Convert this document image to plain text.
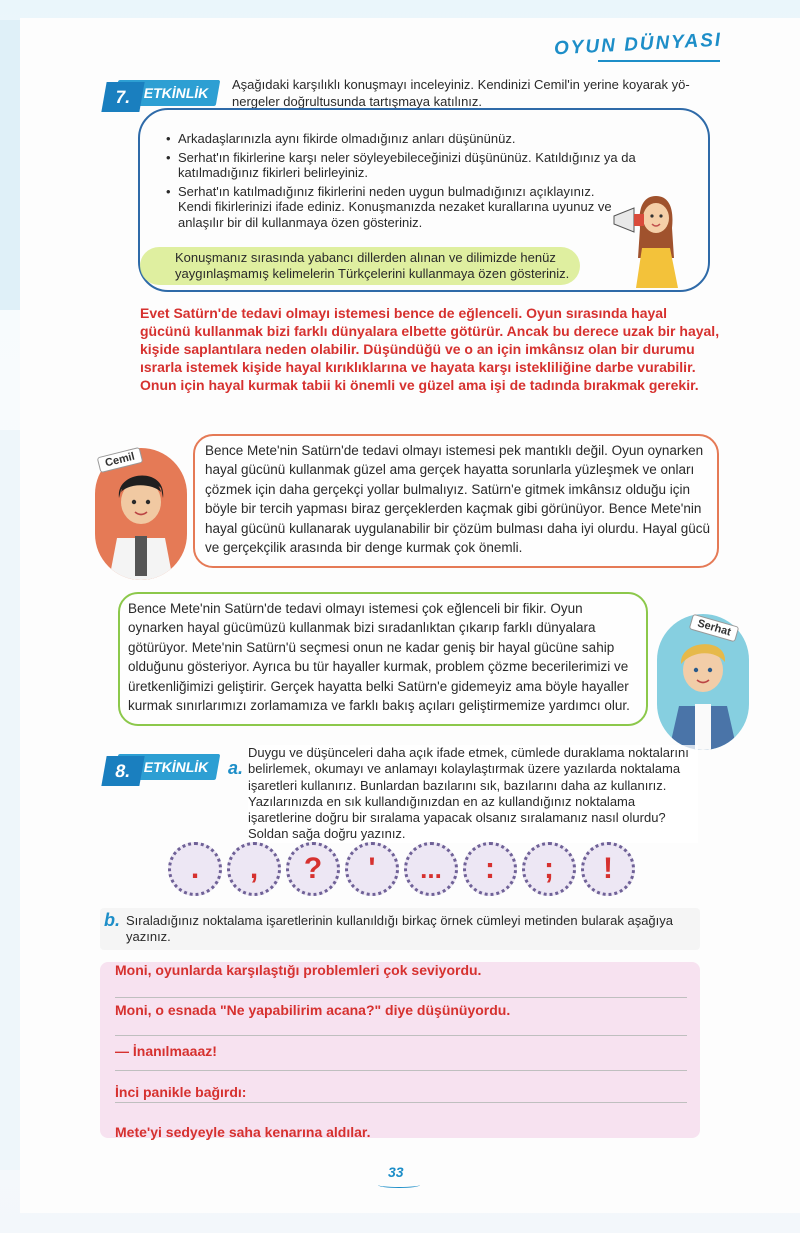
OYUN DÜNYASI
ETKİNLİK
7.
Aşağıdaki karşılıklı konuşmayı inceleyiniz. Kendinizi Cemil'in yerine koyarak yö-
nergeler doğrultusunda tartışmaya katılınız.
• Arkadaşlarınızla aynı fikirde olmadığınız anları düşününüz.
• Serhat'ın fikirlerine karşı neler söyleyebileceğinizi düşününüz. Katıldığınız ya da katılmadığınız fikirleri belirleyiniz.
• Serhat'ın katılmadığınız fikirlerini neden uygun bulmadığınızı açıklayınız. Kendi fikirlerinizi ifade ediniz. Konuşmanızda nezaket kurallarına uyunuz ve anlaşılır bir dil kullanmaya özen gösteriniz.
Konuşmanız sırasında yabancı dillerden alınan ve dilimizde henüz yaygınlaşmamış kelimelerin Türkçelerini kullanmaya özen gösteriniz.
Evet Satürn'de tedavi olmayı istemesi bence de eğlenceli. Oyun sırasında hayal gücünü kullanmak bizi farklı dünyalara elbette götürür. Ancak bu derece uzak bir hayal, kişide saplantılara neden olabilir. Düşündüğü ve o an için imkânsız olan bir durumu ısrarla istemek kişide hayal kırıklıklarına ve hayata karşı istekliliğine darbe vurabilir. Onun için hayal kurmak tabii ki önemli ve güzel ama işi de tadında bırakmak gerekir.
Cemil
Bence Mete'nin Satürn'de tedavi olmayı istemesi pek mantıklı değil. Oyun oynarken hayal gücünü kullanmak güzel ama gerçek hayatta sorunlarla yüzleşmek ve onları çözmek için daha gerçekçi yollar bulmalıyız. Satürn'e gitmek imkânsız olduğu için böyle bir tercih yapması biraz gerçeklerden kaçmak gibi görünüyor. Bence Mete'nin hayal gücünü kullanarak uygulanabilir bir çözüm bulması daha iyi olurdu. Hayal gücü ve gerçekçilik arasında bir denge kurmak çok önemli.
Bence Mete'nin Satürn'de tedavi olmayı istemesi çok eğlenceli bir fikir. Oyun oynarken hayal gücümüzü kullanmak bizi sıradanlıktan çıkarıp farklı dünyalara götürüyor. Mete'nin Satürn'ü seçmesi onun ne kadar geniş bir hayal gücüne sahip olduğunu gösteriyor. Ayrıca bu tür hayaller kurmak, problem çözme becerilerimizi ve üretkenliğimizi geliştirir. Gerçek hayatta belki Satürn'e gidemeyiz ama böyle hayaller kurmak sınırlarımızı zorlamamıza ve farklı bakış açıları geliştirmemize yardımcı olur.
Serhat
ETKİNLİK
8.	a.
Duygu ve düşünceleri daha açık ifade etmek, cümlede duraklama noktalarını belirlemek, okumayı ve anlamayı kolaylaştırmak üzere yazılarda noktalama işaretleri kullanırız. Bunlardan bazılarını sık, bazılarını daha az kullanırız. Yazılarınızda en sık kullandığınızdan en az kullandığınız noktalama işaretlerine doğru bir sıralama yapacak olsanız sıralamanız nasıl olurdu? Soldan sağa doğru yazınız.
.	,	?	'	...	:	;	!
b. Sıraladığınız noktalama işaretlerinin kullanıldığı birkaç örnek cümleyi metinden bularak aşağıya yazınız.
Moni, oyunlarda karşılaştığı problemleri çok seviyordu.
Moni, o esnada "Ne yapabilirim acana?" diye düşünüyordu.
— İnanılmaaaz!
İnci panikle bağırdı:
Mete'yi sedyeyle saha kenarına aldılar.
33
